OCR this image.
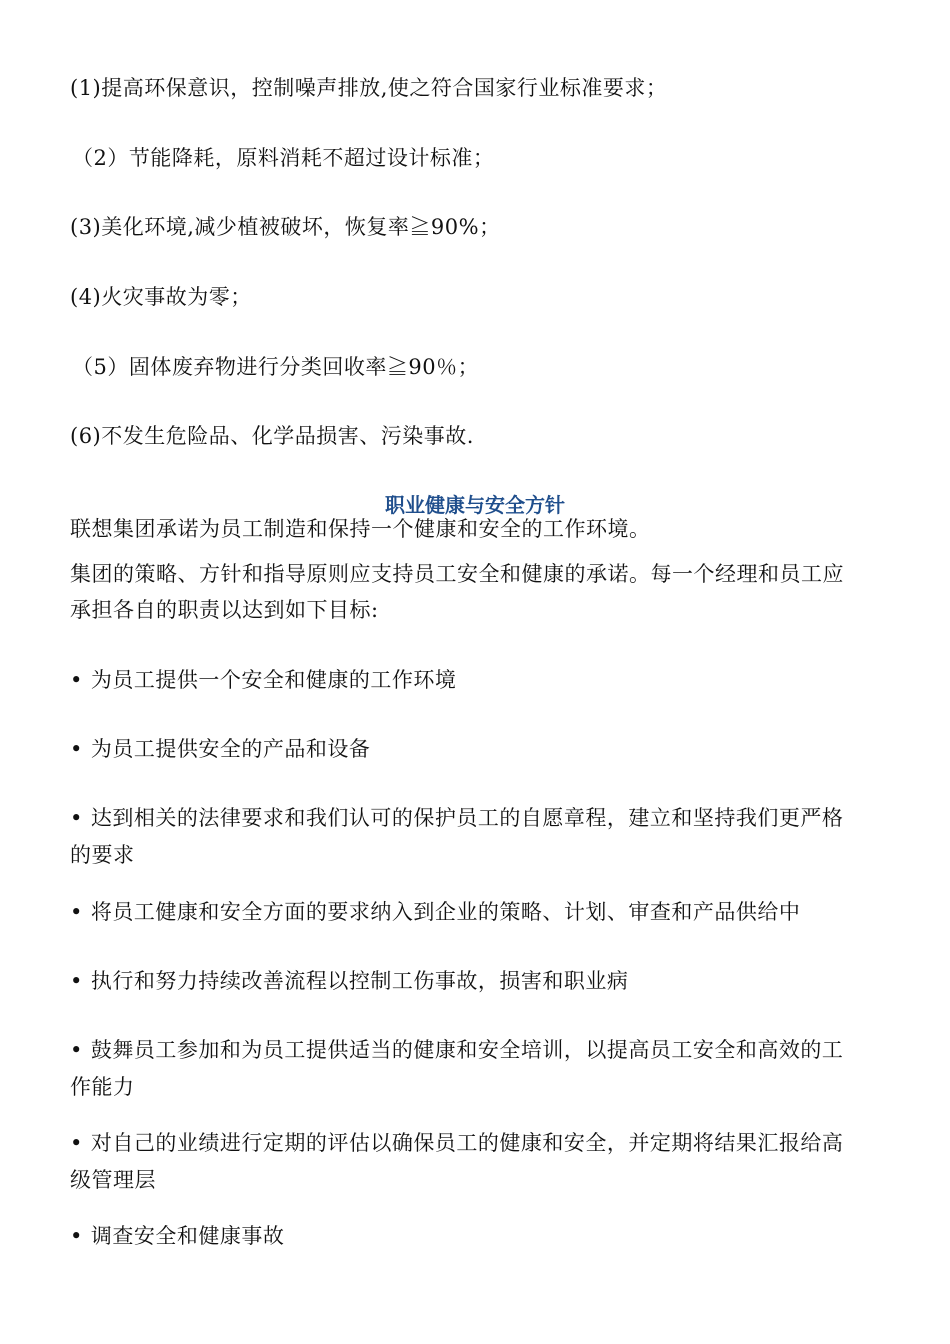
(1)提高环保意识，控制噪声排放,使之符合国家行业标准要求；
（2）节能降耗，原料消耗不超过设计标准；
(3)美化环境,减少植被破坏，恢复率≧90%；
(4)火灾事故为零；
（5）固体废弃物进行分类回收率≧90％；
(6)不发生危险品、化学品损害、污染事故.
职业健康与安全方针
联想集团承诺为员工制造和保持一个健康和安全的工作环境。
集团的策略、方针和指导原则应支持员工安全和健康的承诺。每一个经理和员工应
承担各自的职责以达到如下目标:
• 为员工提供一个安全和健康的工作环境
• 为员工提供安全的产品和设备
• 达到相关的法律要求和我们认可的保护员工的自愿章程，建立和坚持我们更严格
的要求
• 将员工健康和安全方面的要求纳入到企业的策略、计划、审查和产品供给中
• 执行和努力持续改善流程以控制工伤事故，损害和职业病
• 鼓舞员工参加和为员工提供适当的健康和安全培训，以提高员工安全和高效的工
作能力
• 对自己的业绩进行定期的评估以确保员工的健康和安全，并定期将结果汇报给高
级管理层
• 调查安全和健康事故
